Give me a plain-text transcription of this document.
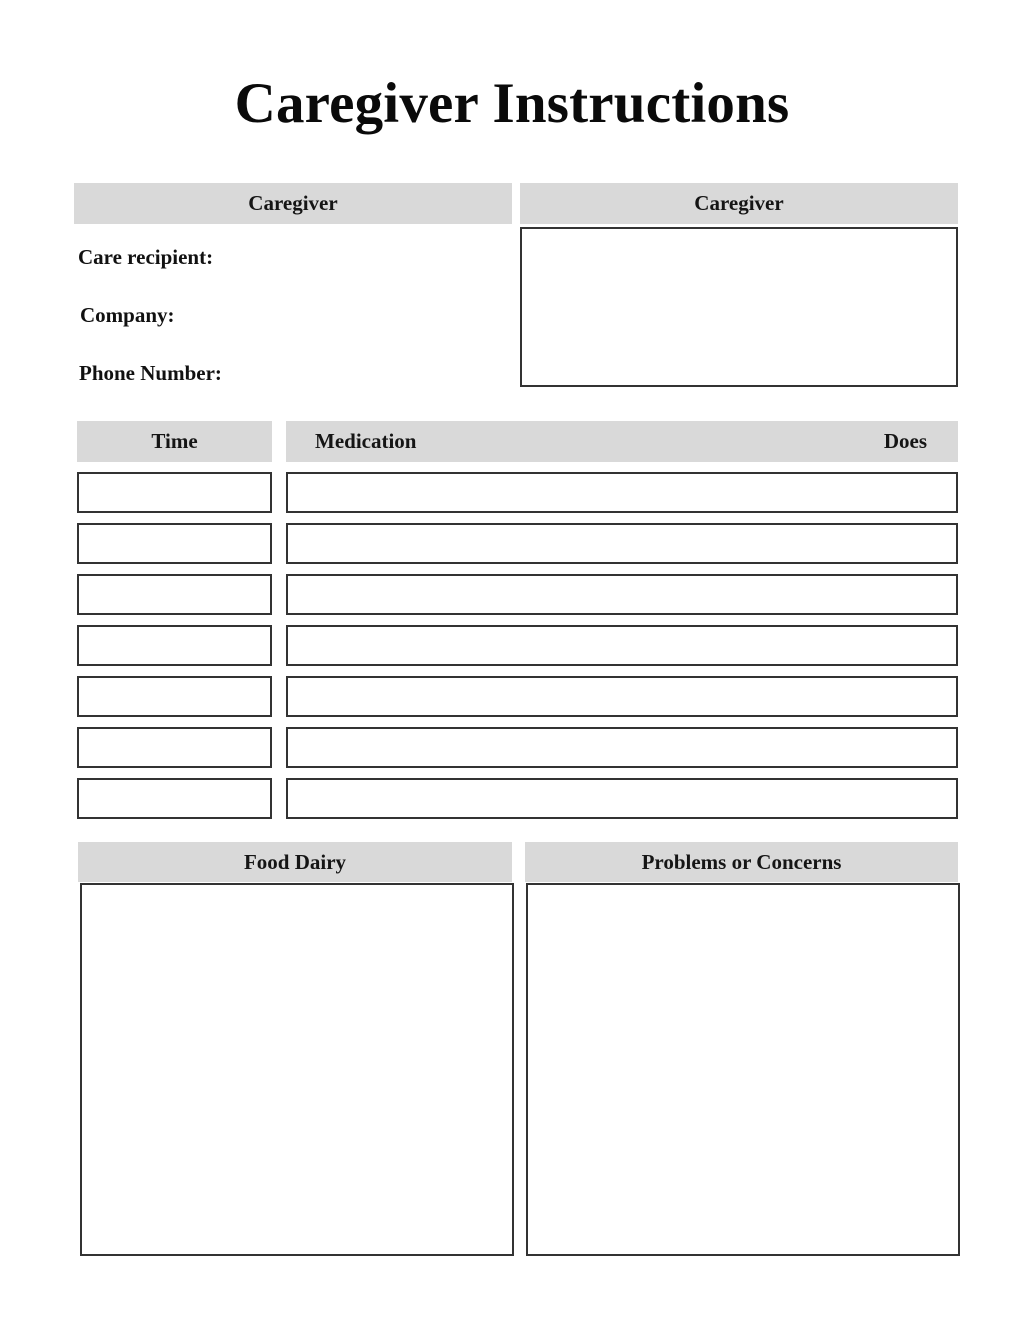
Caregiver Instructions
Caregiver	Caregiver
Care recipient:
Company:
Phone Number:
Time	Medication	Does
Food Dairy	Problems or Concerns
